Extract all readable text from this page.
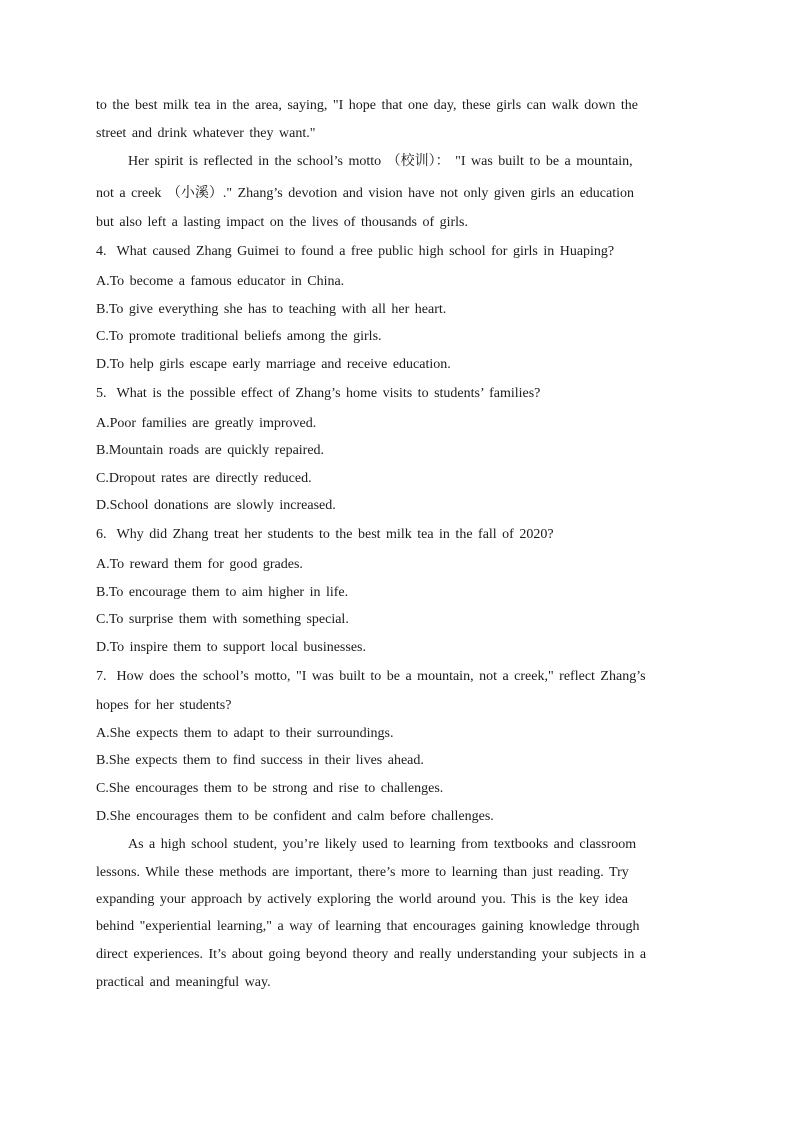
to the best milk tea in the area, saying, "I hope that one day, these girls can walk down the
street and drink whatever they want."
Her spirit is reflected in the school’s motto （校训）： "I was built to be a mountain,
not a creek （小溪）." Zhang’s devotion and vision have not only given girls an education
but also left a lasting impact on the lives of thousands of girls.
4. What caused Zhang Guimei to found a free public high school for girls in Huaping?
A.To become a famous educator in China.
B.To give everything she has to teaching with all her heart.
C.To promote traditional beliefs among the girls.
D.To help girls escape early marriage and receive education.
5. What is the possible effect of Zhang’s home visits to students’ families?
A.Poor families are greatly improved.
B.Mountain roads are quickly repaired.
C.Dropout rates are directly reduced.
D.School donations are slowly increased.
6. Why did Zhang treat her students to the best milk tea in the fall of 2020?
A.To reward them for good grades.
B.To encourage them to aim higher in life.
C.To surprise them with something special.
D.To inspire them to support local businesses.
7. How does the school’s motto, "I was built to be a mountain, not a creek," reflect Zhang’s
hopes for her students?
A.She expects them to adapt to their surroundings.
B.She expects them to find success in their lives ahead.
C.She encourages them to be strong and rise to challenges.
D.She encourages them to be confident and calm before challenges.
As a high school student, you’re likely used to learning from textbooks and classroom
lessons. While these methods are important, there’s more to learning than just reading. Try
expanding your approach by actively exploring the world around you. This is the key idea
behind "experiential learning," a way of learning that encourages gaining knowledge through
direct experiences. It’s about going beyond theory and really understanding your subjects in a
practical and meaningful way.
